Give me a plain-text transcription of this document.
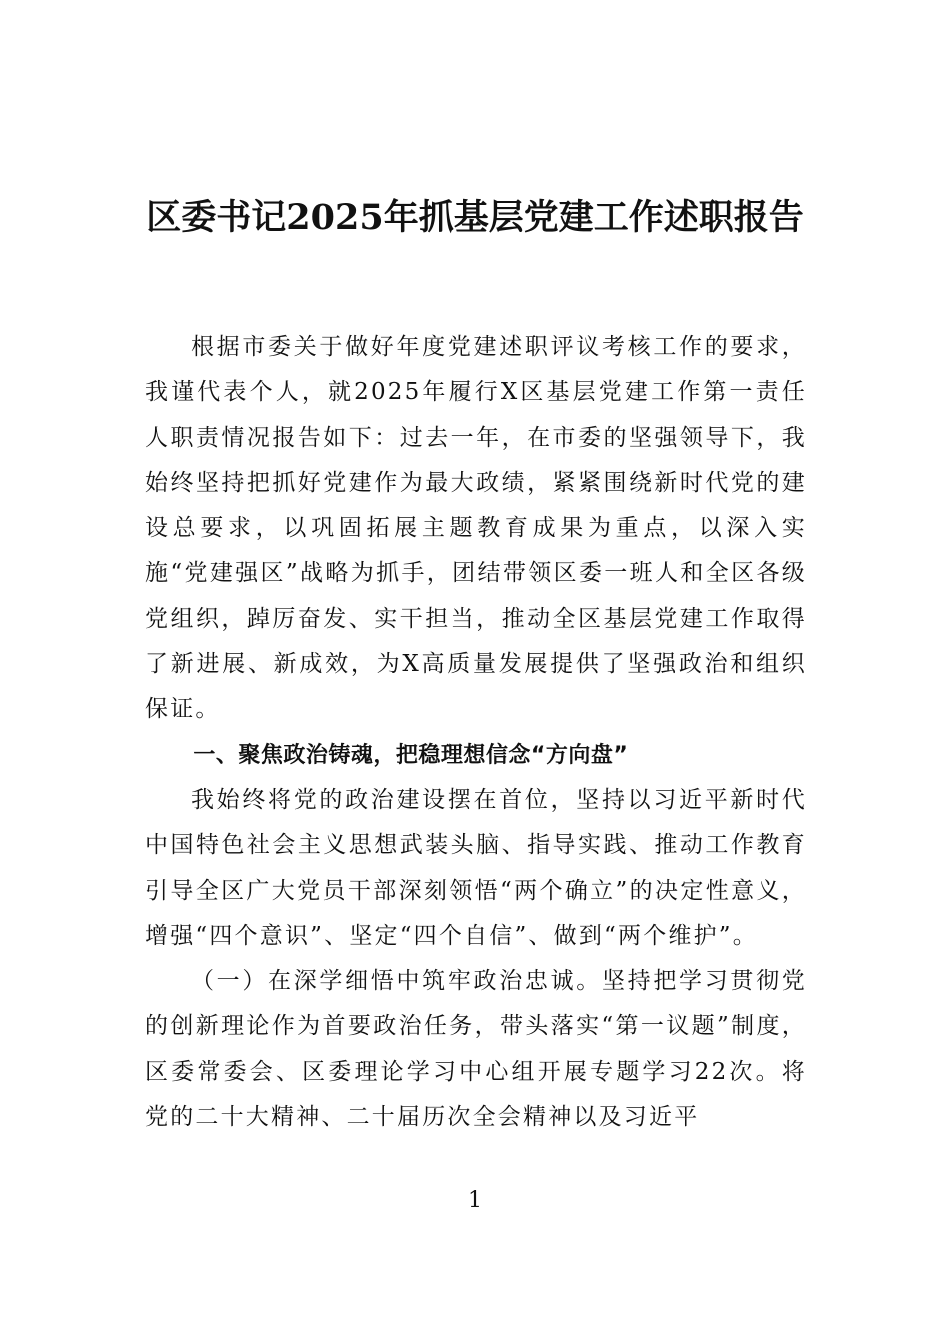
区委书记2025年抓基层党建工作述职报告

根据市委关于做好年度党建述职评议考核工作的要求，我谨代表个人，就2025年履行X区基层党建工作第一责任人职责情况报告如下：过去一年，在市委的坚强领导下，我始终坚持把抓好党建作为最大政绩，紧紧围绕新时代党的建设总要求，以巩固拓展主题教育成果为重点，以深入实施“党建强区”战略为抓手，团结带领区委一班人和全区各级党组织，踔厉奋发、实干担当，推动全区基层党建工作取得了新进展、新成效，为X高质量发展提供了坚强政治和组织保证。

一、聚焦政治铸魂，把稳理想信念“方向盘”

我始终将党的政治建设摆在首位，坚持以习近平新时代中国特色社会主义思想武装头脑、指导实践、推动工作教育引导全区广大党员干部深刻领悟“两个确立”的决定性意义，增强“四个意识”、坚定“四个自信”、做到“两个维护”。

（一）在深学细悟中筑牢政治忠诚。坚持把学习贯彻党的创新理论作为首要政治任务，带头落实“第一议题”制度，区委常委会、区委理论学习中心组开展专题学习22次。将党的二十大精神、二十届历次全会精神以及习近平

1
